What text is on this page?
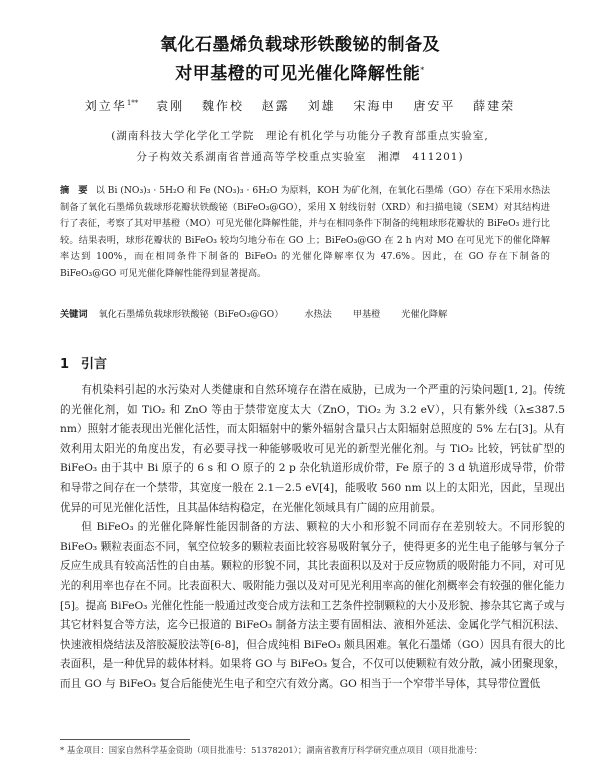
氧化石墨烯负载球形铁酸铋的制备及
对甲基橙的可见光催化降解性能*
刘立华$^{1**}$ 袁刚 魏作校 赵露 刘雄 宋海申 唐安平 薛建荣
(湖南科技大学化学化工学院　理论有机化学与功能分子教育部重点实验室,
分子构效关系湖南省普通高等学校重点实验室　湘潭　411201)
摘　要 以 Bi (NO₃)₃ · 5H₂O 和 Fe (NO₃)₃ · 6H₂O 为原料，KOH 为矿化剂，在氧化石墨烯（GO）存在下采用水热法制备了氧化石墨烯负载球形花瓣状铁酸铋（BiFeO₃@GO），采用 X 射线衍射（XRD）和扫描电镜（SEM）对其结构进行了表征，考察了其对甲基橙（MO）可见光催化降解性能，并与在相同条件下制备的纯粗球形花瓣状的 BiFeO₃ 进行比较。结果表明，球形花瓣状的 BiFeO₃ 较均匀地分布在 GO 上；BiFeO₃@GO 在 2 h 内对 MO 在可见光下的催化降解率达到 100%，而在相同条件下制备的 BiFeO₃ 的光催化降解率仅为 47.6%。因此，在 GO 存在下制备的 BiFeO₃@GO 可见光催化降解性能得到显著提高。
关键词 氧化石墨烯负载球形铁酸铋（BiFeO₃@GO） 水热法 甲基橙 光催化降解
1 引言

有机染料引起的水污染对人类健康和自然环境存在潜在威胁，已成为一个严重的污染问题[1, 2]。传统的光催化剂，如 TiO₂ 和 ZnO 等由于禁带宽度太大（ZnO，TiO₂ 为 3.2 eV），只有紫外线（λ≤387.5 nm）照射才能表现出光催化活性，而太阳辐射中的紫外辐射含量只占太阳辐射总照度的 5% 左右[3]。从有效利用太阳光的角度出发，有必要寻找一种能够吸收可见光的新型光催化剂。与 TiO₂ 比较，钙钛矿型的 BiFeO₃ 由于其中 Bi 原子的 6 s 和 O 原子的 2 p 杂化轨道形成价带，Fe 原子的 3 d 轨道形成导带，价带和导带之间存在一个禁带，其宽度一般在 2.1－2.5 eV[4]，能吸收 560 nm 以上的太阳光，因此，呈现出优异的可见光催化活性，且其晶体结构稳定，在光催化领域具有广阔的应用前景。

但 BiFeO₃ 的光催化降解性能因制备的方法、颗粒的大小和形貌不同而存在差别较大。不同形貌的 BiFeO₃ 颗粒表面态不同，氧空位较多的颗粒表面比较容易吸附氧分子，使得更多的光生电子能够与氧分子反应生成具有较高活性的自由基。颗粒的形貌不同，其比表面积以及对于反应物质的吸附能力不同，对可见光的利用率也存在不同。比表面积大、吸附能力强以及对可见光利用率高的催化剂概率会有较强的催化能力[5]。提高 BiFeO₃ 光催化性能一般通过改变合成方法和工艺条件控制颗粒的大小及形貌、掺杂其它离子或与其它材料复合等方法，迄今已报道的 BiFeO₃ 制备方法主要有固相法、液相外延法、金属化学气相沉积法、快速液相烧结法及溶胶凝胶法等[6-8]，但合成纯相 BiFeO₃ 颇具困难。氧化石墨烯（GO）因具有很大的比表面积，是一种优异的载体材料。如果将 GO 与 BiFeO₃ 复合，不仅可以使颗粒有效分散，减小团聚现象，而且 GO 与 BiFeO₃ 复合后能使光生电子和空穴有效分离。GO 相当于一个窄带半导体，其导带位置低

* 基金项目：国家自然科学基金资助（项目批准号：51378201）；湖南省教育厅科学研究重点项目（项目批准号：
